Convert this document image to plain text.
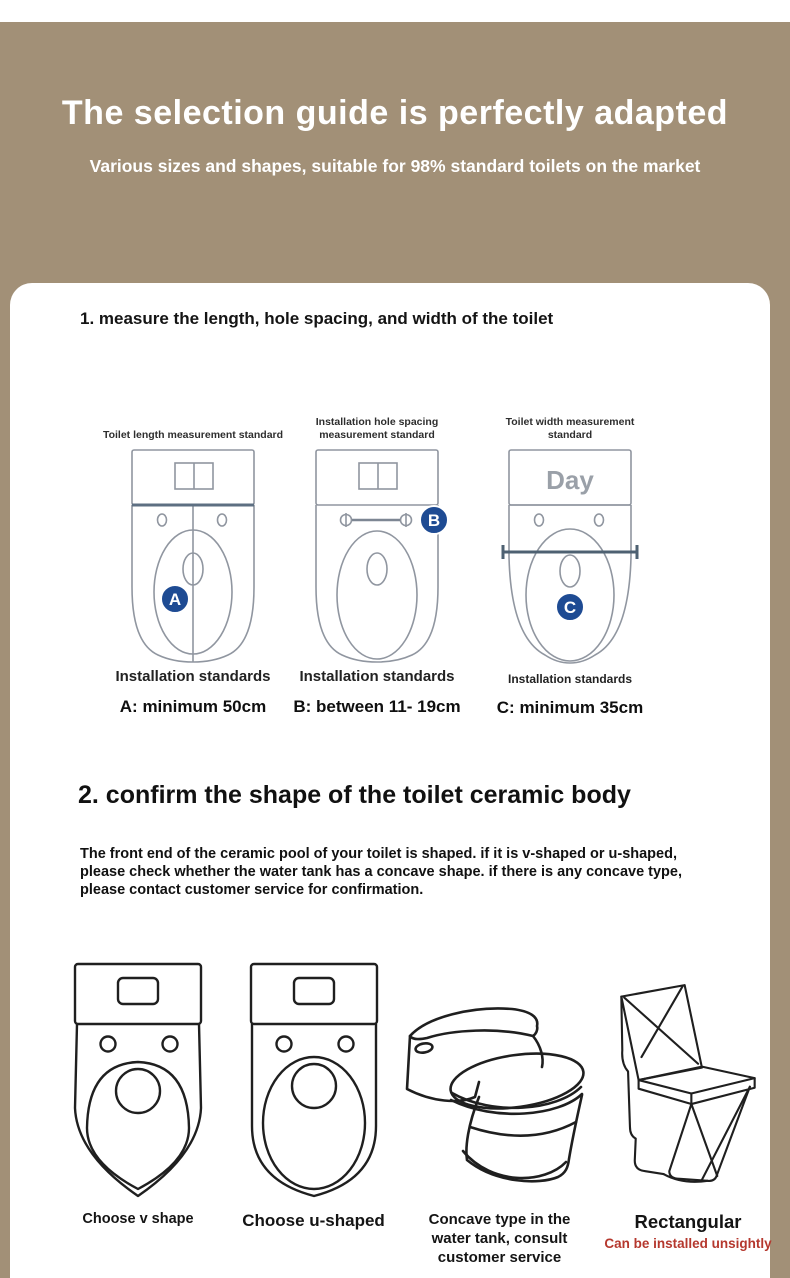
The selection guide is perfectly adapted
Various sizes and shapes, suitable for 98% standard toilets on the market
1. measure the length, hole spacing, and width of the toilet
Toilet length measurement standard
A
Installation standards
A: minimum 50cm
Installation hole spacing measurement standard
B
Installation standards
B: between 11- 19cm
Toilet width measurement standard
Day
C
Installation standards
C: minimum 35cm
2. confirm the shape of the toilet ceramic body
The front end of the ceramic pool of your toilet is shaped. if it is v-shaped or u-shaped, please check whether the water tank has a concave shape. if there is any concave type, please contact customer service for confirmation.
Choose v shape	Choose u-shaped	Concave type in the water tank, consult customer service
Rectangular
Can be installed unsightly
